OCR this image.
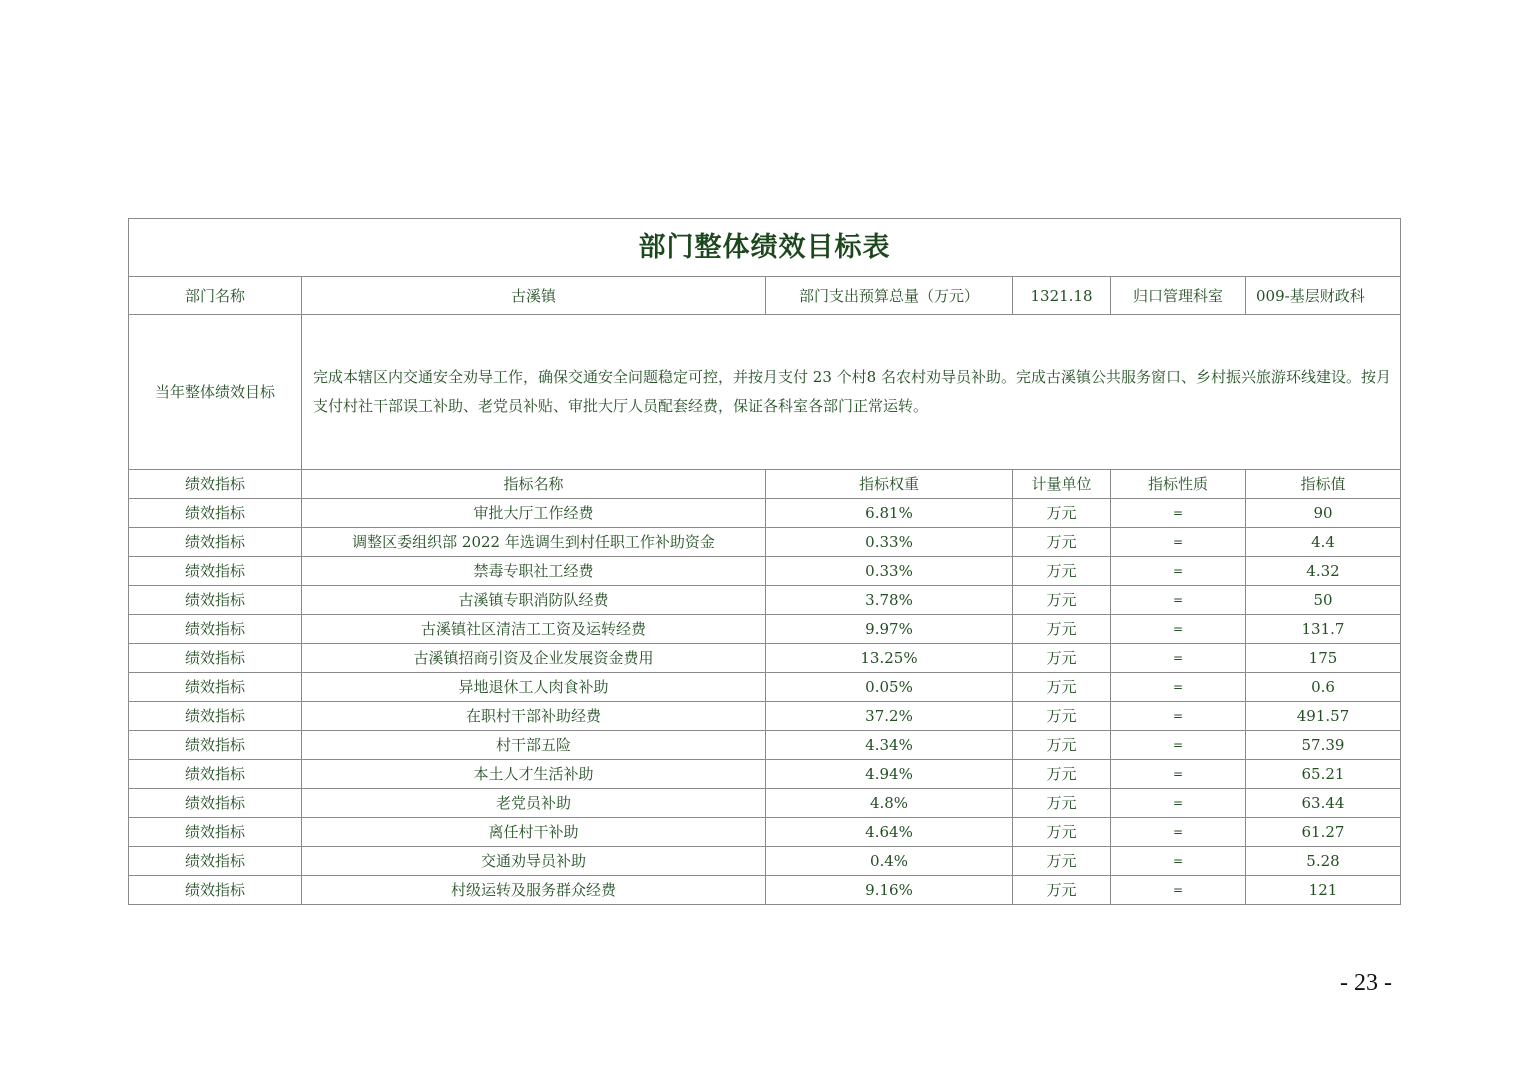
部门整体绩效目标表					
部门名称	古溪镇	部门支出预算总量（万元）	1321.18	归口管理科室	009-基层财政科
当年整体绩效目标	完成本辖区内交通安全劝导工作，确保交通安全问题稳定可控，并按月支付 23 个村8 名农村劝导员补助。完成古溪镇公共服务窗口、乡村振兴旅游环线建设。按月支付村社干部误工补助、老党员补贴、审批大厅人员配套经费，保证各科室各部门正常运转。				
绩效指标	指标名称	指标权重	计量单位	指标性质	指标值
绩效指标	审批大厅工作经费	6.81%	万元	=	90
绩效指标	调整区委组织部 2022 年选调生到村任职工作补助资金	0.33%	万元	=	4.4
绩效指标	禁毒专职社工经费	0.33%	万元	=	4.32
绩效指标	古溪镇专职消防队经费	3.78%	万元	=	50
绩效指标	古溪镇社区清洁工工资及运转经费	9.97%	万元	=	131.7
绩效指标	古溪镇招商引资及企业发展资金费用	13.25%	万元	=	175
绩效指标	异地退休工人肉食补助	0.05%	万元	=	0.6
绩效指标	在职村干部补助经费	37.2%	万元	=	491.57
绩效指标	村干部五险	4.34%	万元	=	57.39
绩效指标	本土人才生活补助	4.94%	万元	=	65.21
绩效指标	老党员补助	4.8%	万元	=	63.44
绩效指标	离任村干补助	4.64%	万元	=	61.27
绩效指标	交通劝导员补助	0.4%	万元	=	5.28
绩效指标	村级运转及服务群众经费	9.16%	万元	=	121
- 23 -
